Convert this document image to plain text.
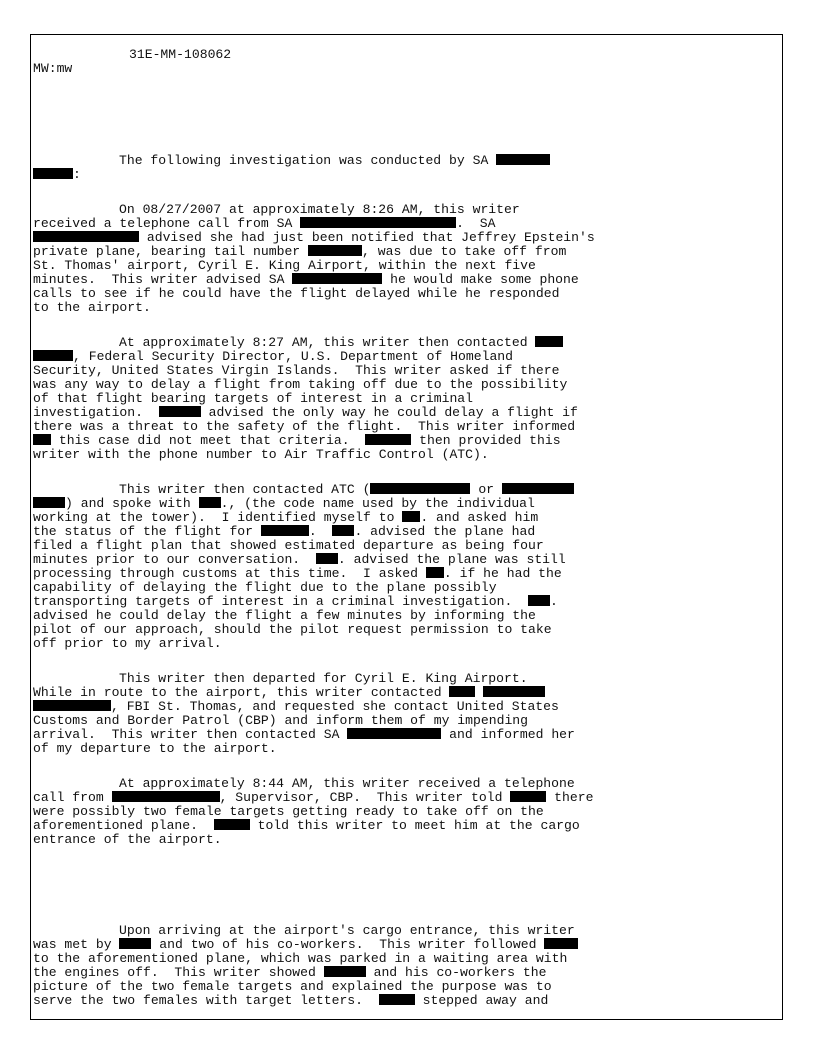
31E-MM-108062
MW:mw
The following investigation was conducted by SA
:
On 08/27/2007 at approximately 8:26 AM, this writer
received a telephone call from SA	.  SA
advised she had just been notified that Jeffrey Epstein's
private plane, bearing tail number	, was due to take off from
St. Thomas' airport, Cyril E. King Airport, within the next five
minutes.  This writer advised SA	he would make some phone
calls to see if he could have the flight delayed while he responded
to the airport.
At approximately 8:27 AM, this writer then contacted
, Federal Security Director, U.S. Department of Homeland
Security, United States Virgin Islands.  This writer asked if there
was any way to delay a flight from taking off due to the possibility
of that flight bearing targets of interest in a criminal
investigation.	advised the only way he could delay a flight if
there was a threat to the safety of the flight.  This writer informed
this case did not meet that criteria.	then provided this
writer with the phone number to Air Traffic Control (ATC).
This writer then contacted ATC (	or
) and spoke with ., (the code name used by the individual
working at the tower).  I identified myself to . and asked him
the status of the flight for	.	. advised the plane had
filed a flight plan that showed estimated departure as being four
minutes prior to our conversation.	. advised the plane was still
processing through customs at this time.  I asked . if he had the
capability of delaying the flight due to the plane possibly
transporting targets of interest in a criminal investigation.	.
advised he could delay the flight a few minutes by informing the
pilot of our approach, should the pilot request permission to take
off prior to my arrival.
This writer then departed for Cyril E. King Airport.
While in route to the airport, this writer contacted
, FBI St. Thomas, and requested she contact United States
Customs and Border Patrol (CBP) and inform them of my impending
arrival.  This writer then contacted SA	and informed her
of my departure to the airport.
At approximately 8:44 AM, this writer received a telephone
call from	, Supervisor, CBP.  This writer told	there
were possibly two female targets getting ready to take off on the
aforementioned plane.	told this writer to meet him at the cargo
entrance of the airport.
Upon arriving at the airport's cargo entrance, this writer
was met by	and two of his co-workers.  This writer followed
to the aforementioned plane, which was parked in a waiting area with
the engines off.  This writer showed	and his co-workers the
picture of the two female targets and explained the purpose was to
serve the two females with target letters.	stepped away and
